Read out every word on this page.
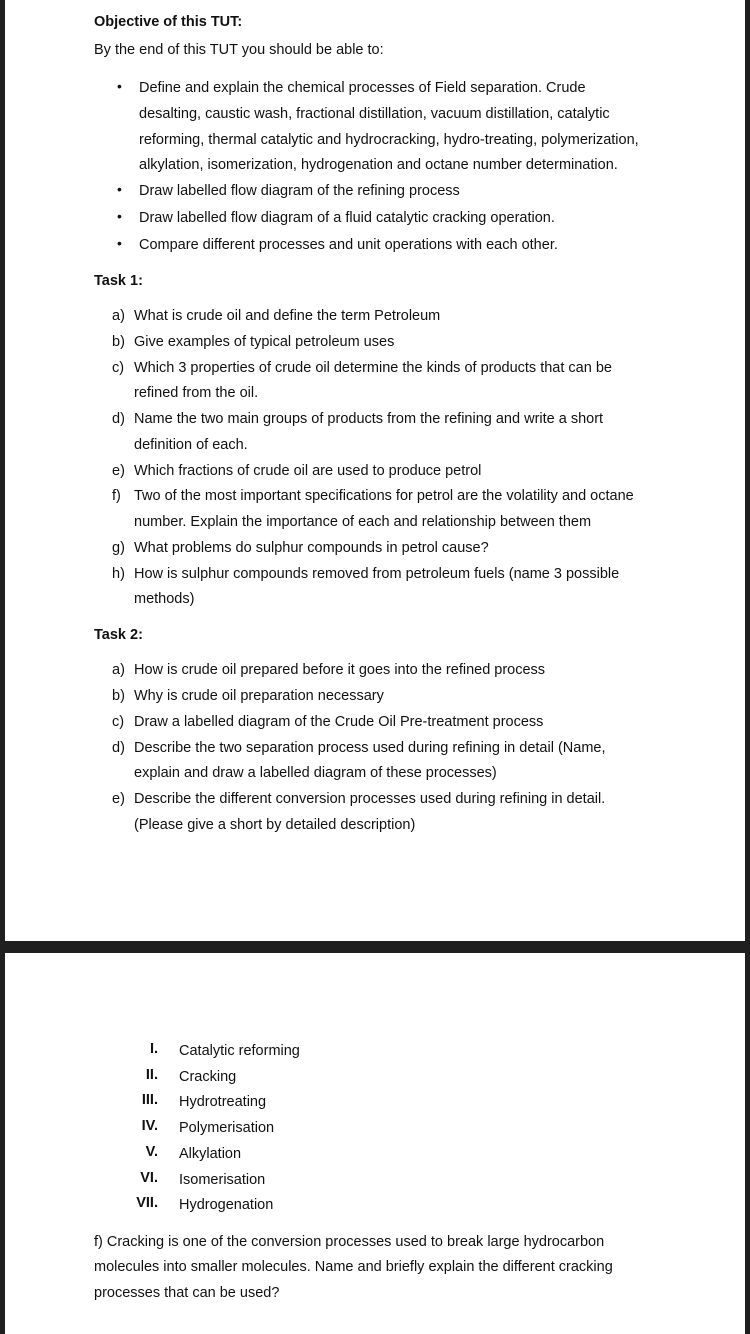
Objective of this TUT:
By the end of this TUT you should be able to:
• Define and explain the chemical processes of Field separation. Crude
desalting, caustic wash, fractional distillation, vacuum distillation, catalytic
reforming, thermal catalytic and hydrocracking, hydro-treating, polymerization,
alkylation, isomerization, hydrogenation and octane number determination.
• Draw labelled flow diagram of the refining process
• Draw labelled flow diagram of a fluid catalytic cracking operation.
• Compare different processes and unit operations with each other.
Task 1:
a) What is crude oil and define the term Petroleum
b) Give examples of typical petroleum uses
c) Which 3 properties of crude oil determine the kinds of products that can be
refined from the oil.
d) Name the two main groups of products from the refining and write a short
definition of each.
e) Which fractions of crude oil are used to produce petrol
f) Two of the most important specifications for petrol are the volatility and octane
number. Explain the importance of each and relationship between them
g) What problems do sulphur compounds in petrol cause?
h) How is sulphur compounds removed from petroleum fuels (name 3 possible
methods)
Task 2:
a) How is crude oil prepared before it goes into the refined process
b) Why is crude oil preparation necessary
c) Draw a labelled diagram of the Crude Oil Pre-treatment process
d) Describe the two separation process used during refining in detail (Name,
explain and draw a labelled diagram of these processes)
e) Describe the different conversion processes used during refining in detail.
(Please give a short by detailed description)
I. Catalytic reforming
II. Cracking
III. Hydrotreating
IV. Polymerisation
V. Alkylation
VI. Isomerisation
VII. Hydrogenation
f) Cracking is one of the conversion processes used to break large hydrocarbon
molecules into smaller molecules. Name and briefly explain the different cracking
processes that can be used?
